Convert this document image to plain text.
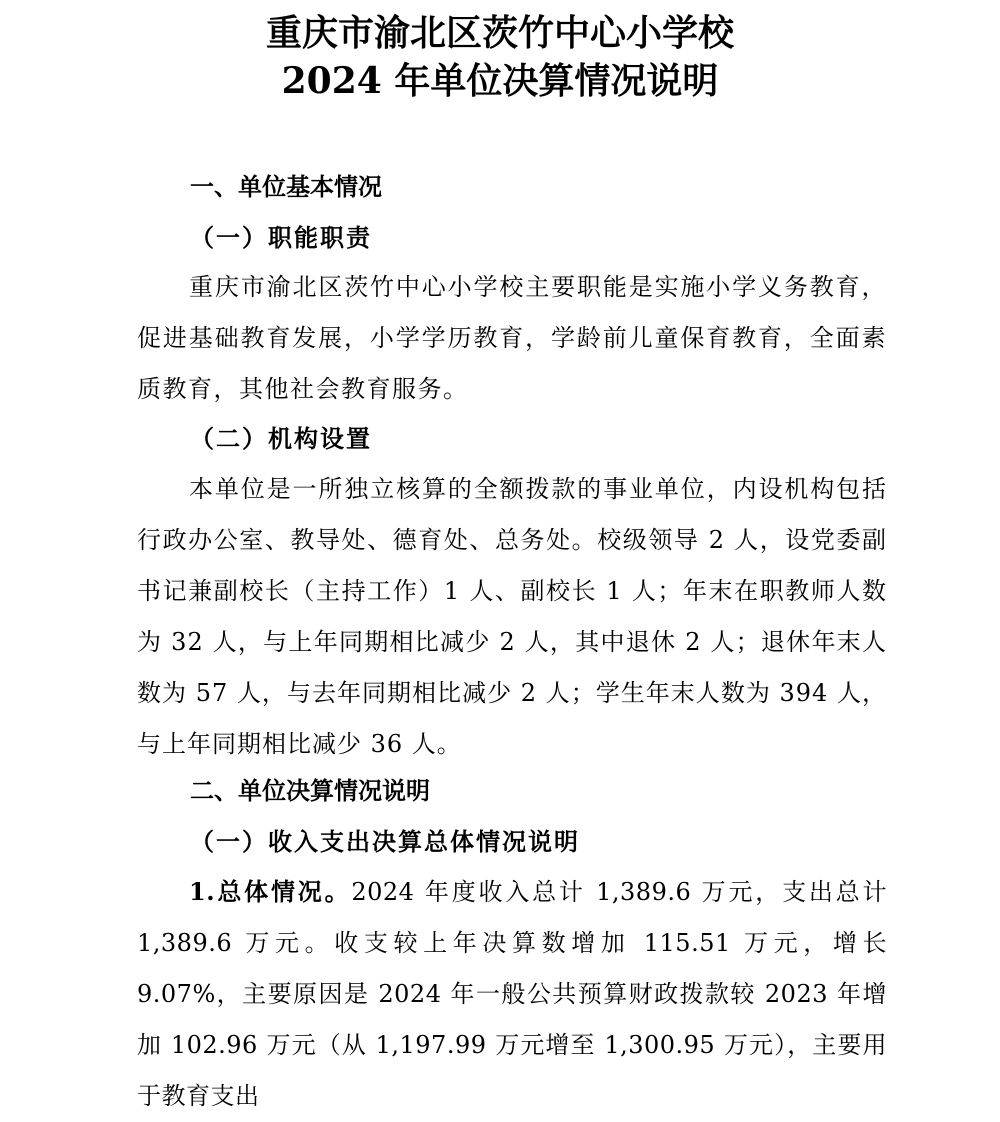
重庆市渝北区茨竹中心小学校
2024 年单位决算情况说明
一、单位基本情况
（一）职能职责

重庆市渝北区茨竹中心小学校主要职能是实施小学义务教育，促进基础教育发展，小学学历教育，学龄前儿童保育教育，全面素质教育，其他社会教育服务。

（二）机构设置

本单位是一所独立核算的全额拨款的事业单位，内设机构包括行政办公室、教导处、德育处、总务处。校级领导 2 人，设党委副书记兼副校长（主持工作）1 人、副校长 1 人；年末在职教师人数为 32 人，与上年同期相比减少 2 人，其中退休 2 人；退休年末人数为 57 人，与去年同期相比减少 2 人；学生年末人数为 394 人，与上年同期相比减少 36 人。

二、单位决算情况说明
（一）收入支出决算总体情况说明

1.总体情况。2024 年度收入总计 1,389.6 万元，支出总计 1,389.6 万元。收支较上年决算数增加 115.51 万元，增长 9.07%，主要原因是 2024 年一般公共预算财政拨款较 2023 年增加 102.96 万元（从 1,197.99 万元增至 1,300.95 万元），主要用于教育支出
